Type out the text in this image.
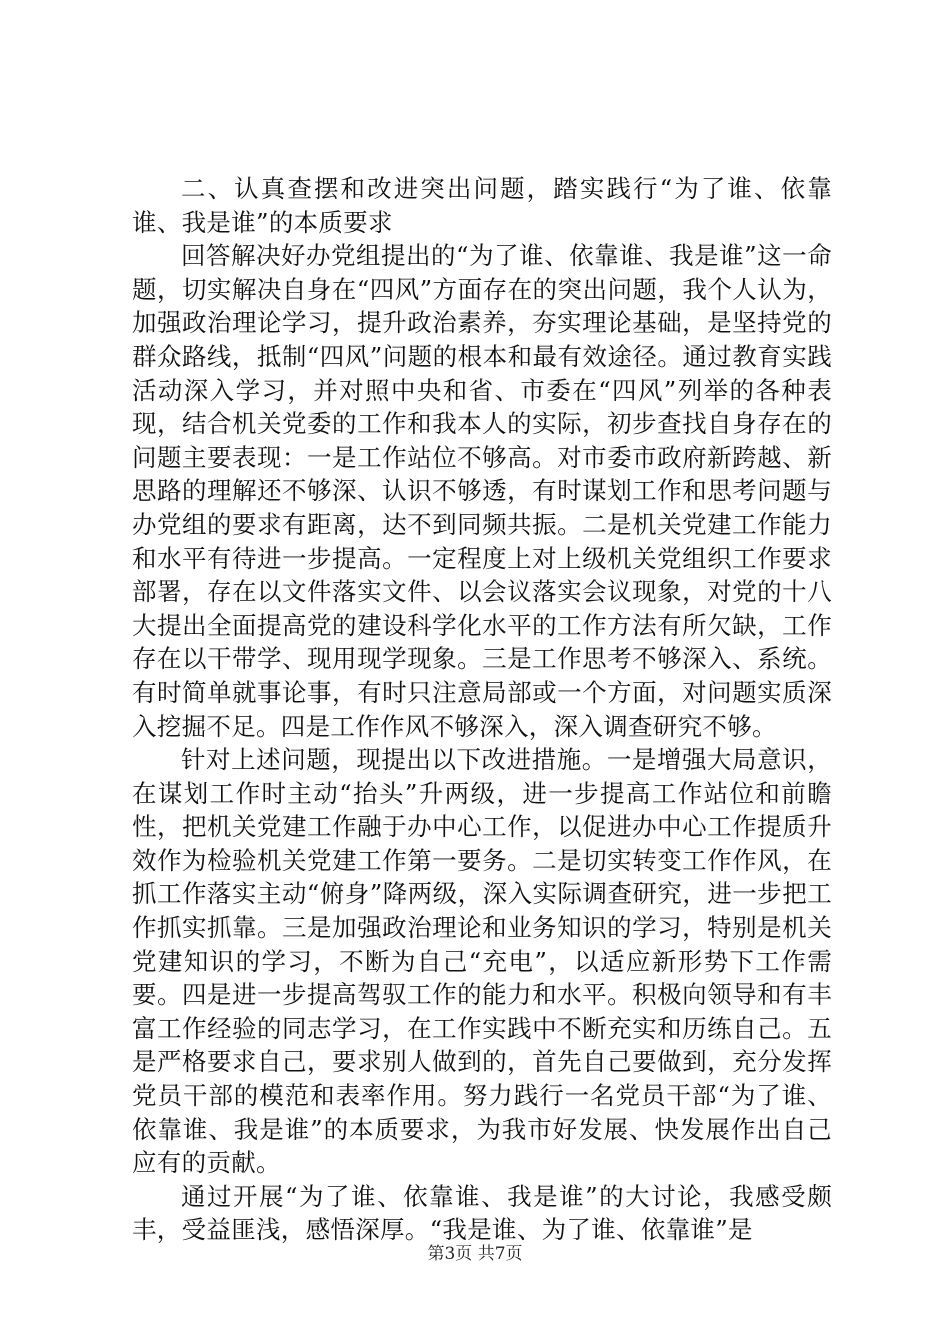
二、认真查摆和改进突出问题，踏实践行“为了谁、依靠谁、我是谁”的本质要求

回答解决好办党组提出的“为了谁、依靠谁、我是谁”这一命题，切实解决自身在“四风”方面存在的突出问题，我个人认为，加强政治理论学习，提升政治素养，夯实理论基础，是坚持党的群众路线，抵制“四风”问题的根本和最有效途径。通过教育实践活动深入学习，并对照中央和省、市委在“四风”列举的各种表现，结合机关党委的工作和我本人的实际，初步查找自身存在的问题主要表现：一是工作站位不够高。对市委市政府新跨越、新思路的理解还不够深、认识不够透，有时谋划工作和思考问题与办党组的要求有距离，达不到同频共振。二是机关党建工作能力和水平有待进一步提高。一定程度上对上级机关党组织工作要求部署，存在以文件落实文件、以会议落实会议现象，对党的十八大提出全面提高党的建设科学化水平的工作方法有所欠缺，工作存在以干带学、现用现学现象。三是工作思考不够深入、系统。有时简单就事论事，有时只注意局部或一个方面，对问题实质深入挖掘不足。四是工作作风不够深入，深入调查研究不够。

针对上述问题，现提出以下改进措施。一是增强大局意识，在谋划工作时主动“抬头”升两级，进一步提高工作站位和前瞻性，把机关党建工作融于办中心工作，以促进办中心工作提质升效作为检验机关党建工作第一要务。二是切实转变工作作风，在抓工作落实主动“俯身”降两级，深入实际调查研究，进一步把工作抓实抓靠。三是加强政治理论和业务知识的学习，特别是机关党建知识的学习，不断为自己“充电”，以适应新形势下工作需要。四是进一步提高驾驭工作的能力和水平。积极向领导和有丰富工作经验的同志学习，在工作实践中不断充实和历练自己。五是严格要求自己，要求别人做到的，首先自己要做到，充分发挥党员干部的模范和表率作用。努力践行一名党员干部“为了谁、依靠谁、我是谁”的本质要求，为我市好发展、快发展作出自己应有的贡献。

通过开展“为了谁、依靠谁、我是谁”的大讨论，我感受颇丰，受益匪浅，感悟深厚。“我是谁、为了谁、依靠谁”是

第3页 共7页
